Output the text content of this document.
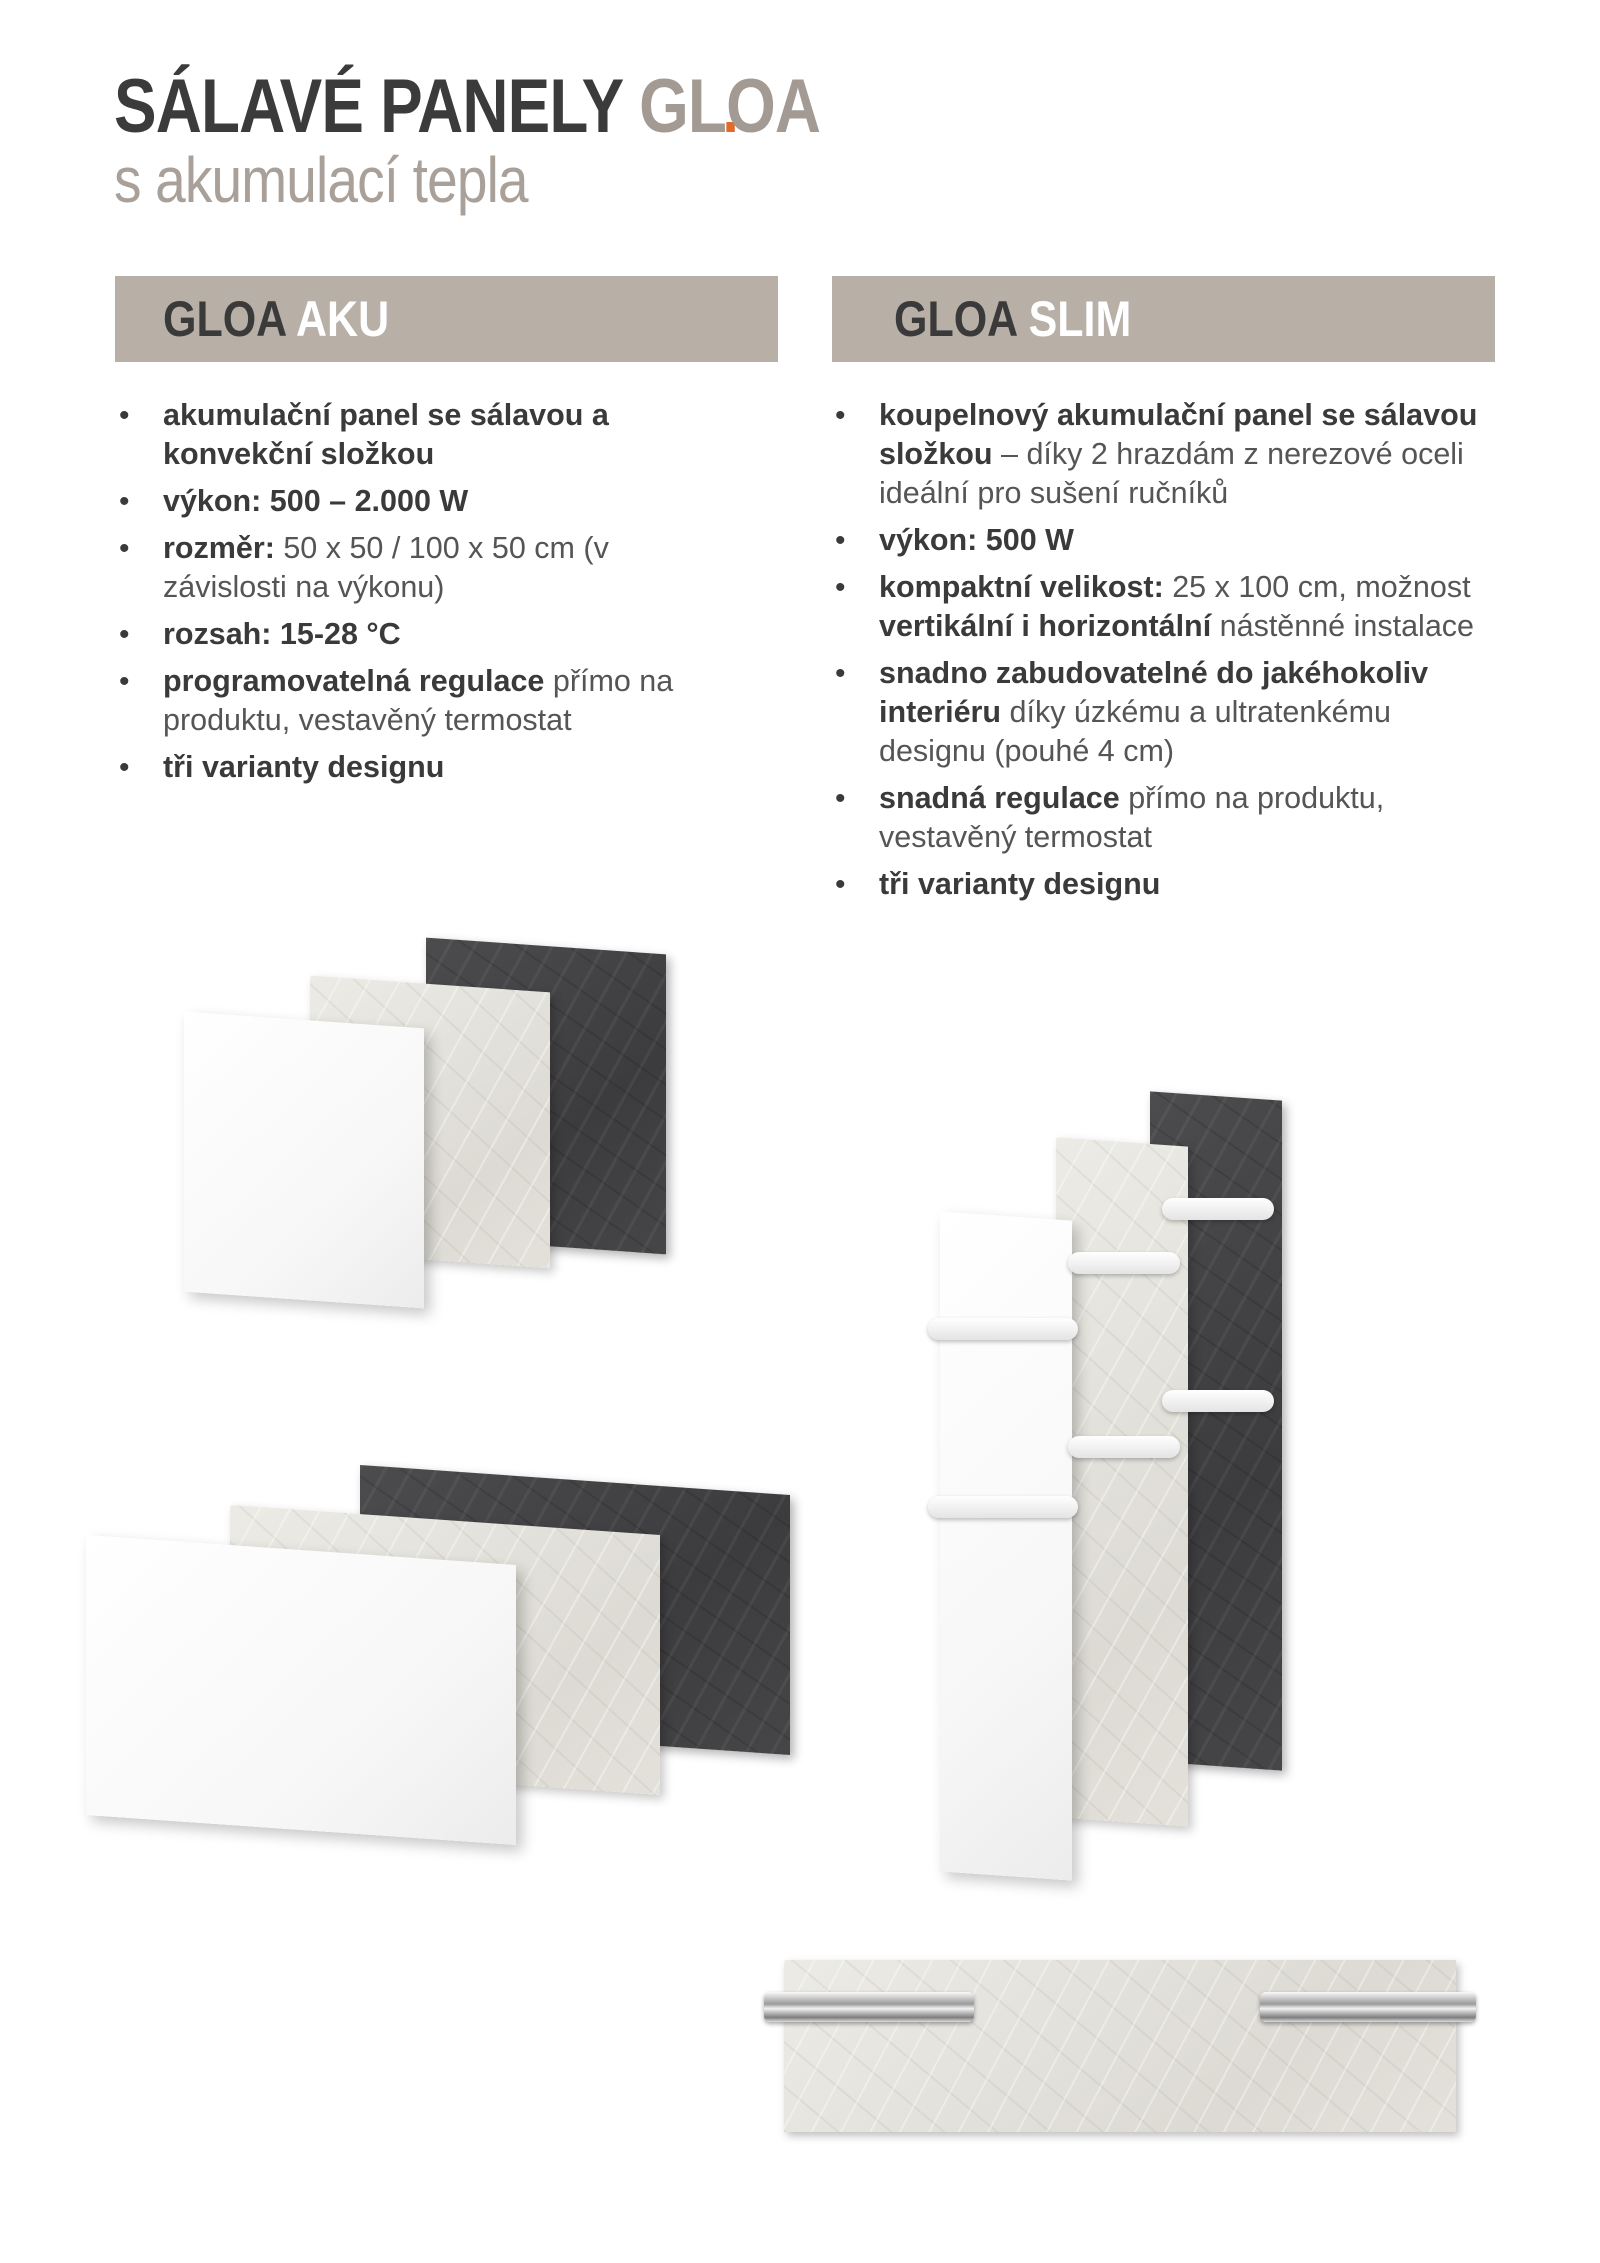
SÁLAVÉ PANELY GLOA
s akumulací tepla
GLOA AKU	GLOA SLIM
• akumulační panel se sálavou a konvekční složkou
• výkon: 500 – 2.000 W
• rozměr: 50 x 50 / 100 x 50 cm (v závislosti na výkonu)
• rozsah: 15-28 °C
• programovatelná regulace přímo na produktu, vestavěný termostat
• tři varianty designu
• koupelnový akumulační panel se sálavou složkou – díky 2 hrazdám z nerezové oceli ideální pro sušení ručníků
• výkon: 500 W
• kompaktní velikost: 25 x 100 cm, možnost vertikální i horizontální nástěnné instalace
• snadno zabudovatelné do jakéhokoliv interiéru díky úzkému a ultratenkému designu (pouhé 4 cm)
• snadná regulace přímo na produktu, vestavěný termostat
• tři varianty designu
